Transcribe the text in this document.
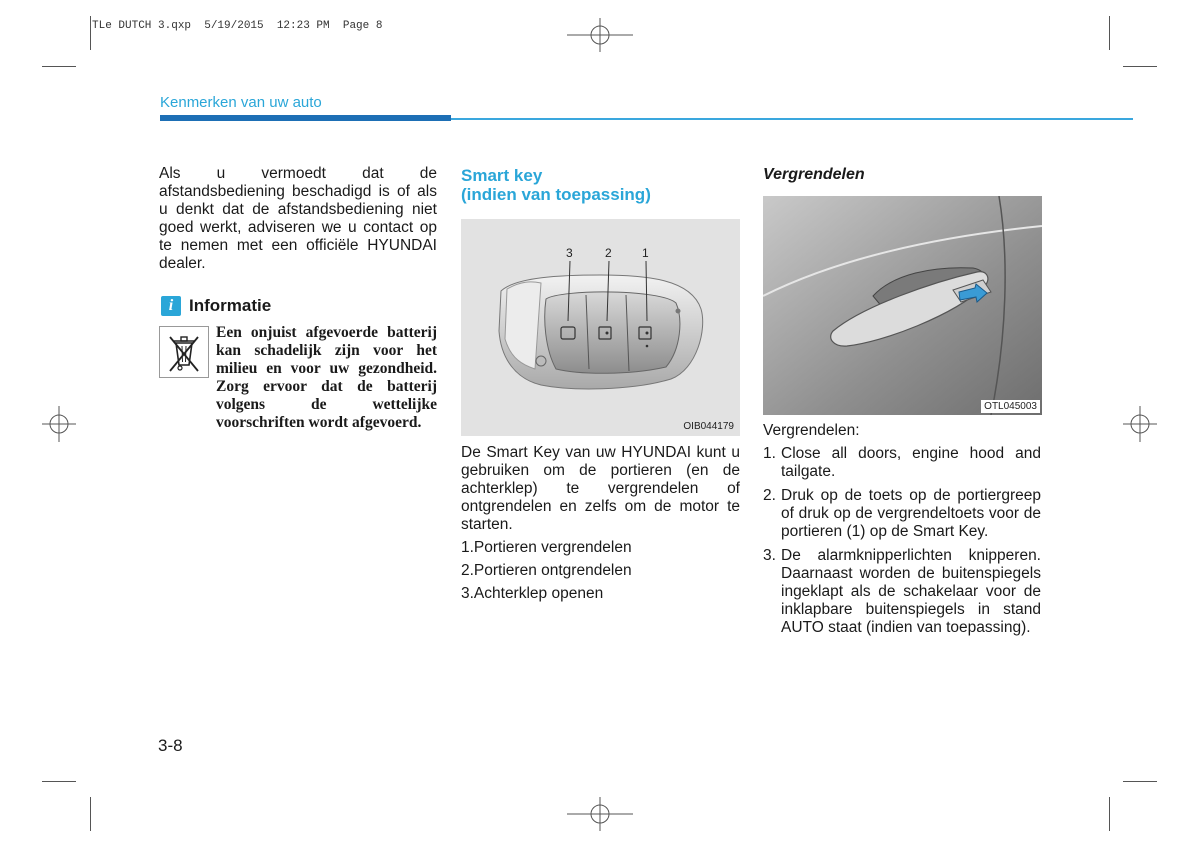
TLe DUTCH 3.qxp  5/19/2015  12:23 PM  Page 8
Kenmerken van uw auto

Als u vermoedt dat de afstandsbediening beschadigd is of als u denkt dat de afstandsbediening niet goed werkt, adviseren we u contact op te nemen met een officiële HYUNDAI dealer.

i Informatie

Een onjuist afgevoerde batterij kan schadelijk zijn voor het milieu en voor uw gezondheid. Zorg ervoor dat de batterij volgens de wettelijke voorschriften wordt afgevoerd.

Smart key
(indien van toepassing)
3	2	1
OIB044179

De Smart Key van uw HYUNDAI kunt u gebruiken om de portieren (en de achterklep) te vergrendelen of ontgrendelen en zelfs om de motor te starten.

1.Portieren vergrendelen
2.Portieren ontgrendelen
3.Achterklep openen
Vergrendelen
OTL045003
Vergrendelen:
1. Close all doors, engine hood and tailgate.
2. Druk op de toets op de portiergreep of druk op de vergrendeltoets voor de portieren (1) op de Smart Key.
3. De alarmknipperlichten knipperen. Daarnaast worden de buitenspiegels ingeklapt als de schakelaar voor de inklapbare buitenspiegels in stand AUTO staat (indien van toepassing).
3-8
